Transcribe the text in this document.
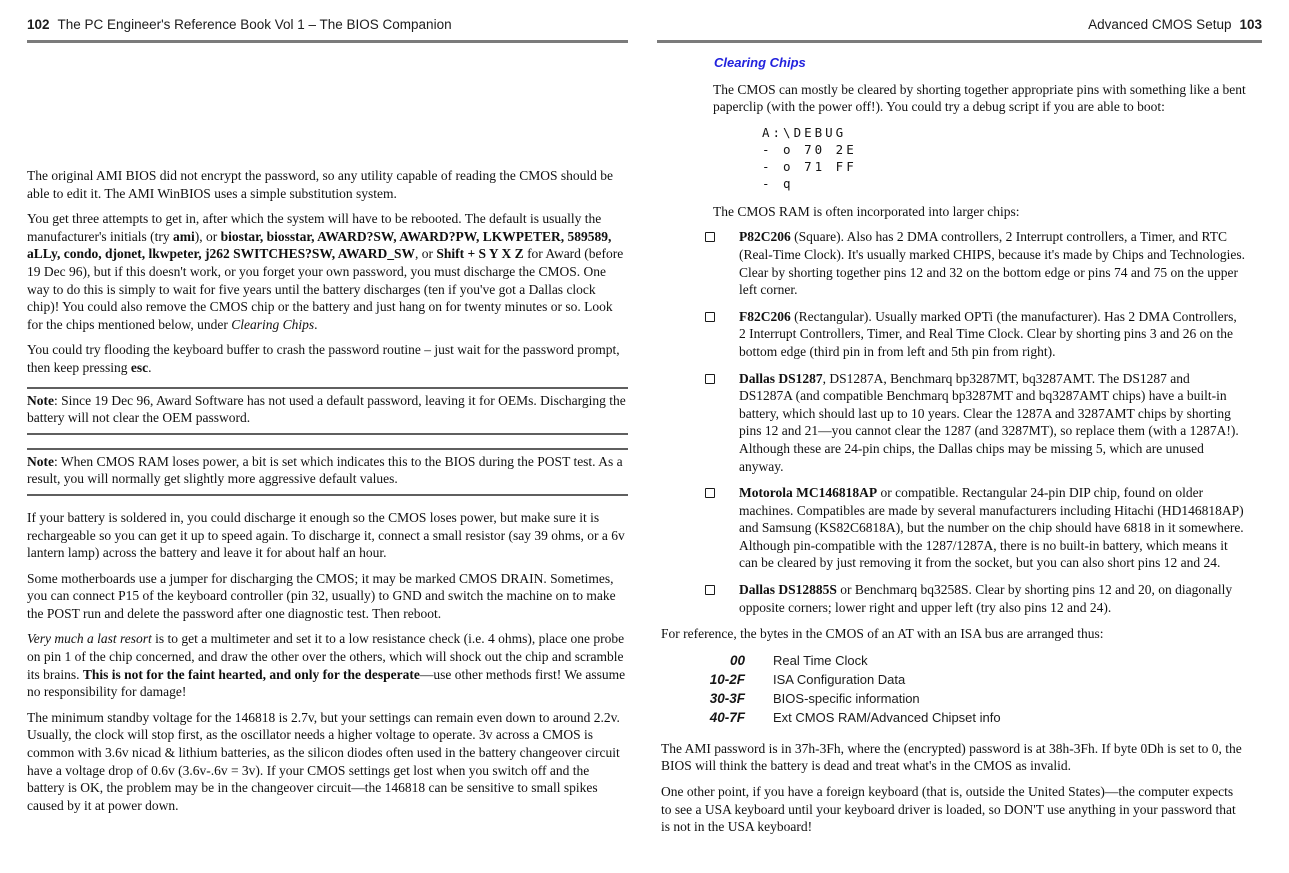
102 The PC Engineer's Reference Book Vol 1 – The BIOS Companion

The original AMI BIOS did not encrypt the password, so any utility capable of reading the CMOS should be able to edit it. The AMI WinBIOS uses a simple substitution system.

You get three attempts to get in, after which the system will have to be rebooted. The default is usually the manufacturer's initials (try ami), or biostar, biosstar, AWARD?SW, AWARD?PW, LKWPETER, 589589, aLLy, condo, djonet, lkwpeter, j262 SWITCHES?SW, AWARD_SW, or Shift + S Y X Z for Award (before 19 Dec 96), but if this doesn't work, or you forget your own password, you must discharge the CMOS. One way to do this is simply to wait for five years until the battery discharges (ten if you've got a Dallas clock chip)! You could also remove the CMOS chip or the battery and just hang on for twenty minutes or so. Look for the chips mentioned below, under Clearing Chips.

You could try flooding the keyboard buffer to crash the password routine – just wait for the password prompt, then keep pressing esc.

Note: Since 19 Dec 96, Award Software has not used a default password, leaving it for OEMs. Discharging the battery will not clear the OEM password.
Note: When CMOS RAM loses power, a bit is set which indicates this to the BIOS during the POST test. As a result, you will normally get slightly more aggressive default values.

If your battery is soldered in, you could discharge it enough so the CMOS loses power, but make sure it is rechargeable so you can get it up to speed again. To discharge it, connect a small resistor (say 39 ohms, or a 6v lantern lamp) across the battery and leave it for about half an hour.

Some motherboards use a jumper for discharging the CMOS; it may be marked CMOS DRAIN. Sometimes, you can connect P15 of the keyboard controller (pin 32, usually) to GND and switch the machine on to make the POST run and delete the password after one diagnostic test. Then reboot.

Very much a last resort is to get a multimeter and set it to a low resistance check (i.e. 4 ohms), place one probe on pin 1 of the chip concerned, and draw the other over the others, which will shock out the chip and scramble its brains. This is not for the faint hearted, and only for the desperate—use other methods first! We assume no responsibility for damage!

The minimum standby voltage for the 146818 is 2.7v, but your settings can remain even down to around 2.2v. Usually, the clock will stop first, as the oscillator needs a higher voltage to operate. 3v across a CMOS is common with 3.6v nicad & lithium batteries, as the silicon diodes often used in the battery changeover circuit have a voltage drop of 0.6v (3.6v-.6v = 3v). If your CMOS settings get lost when you switch off and the battery is OK, the problem may be in the changeover circuit—the 146818 can be sensitive to small spikes caused by it at power down.

Advanced CMOS Setup 103
Clearing Chips

The CMOS can mostly be cleared by shorting together appropriate pins with something like a bent paperclip (with the power off!). You could try a debug script if you are able to boot:

A:\DEBUG
- o 70 2E
- o 71 FF
- q

The CMOS RAM is often incorporated into larger chips:

P82C206 (Square). Also has 2 DMA controllers, 2 Interrupt controllers, a Timer, and RTC (Real-Time Clock). It's usually marked CHIPS, because it's made by Chips and Technologies. Clear by shorting together pins 12 and 32 on the bottom edge or pins 74 and 75 on the upper left corner.
F82C206 (Rectangular). Usually marked OPTi (the manufacturer). Has 2 DMA Controllers, 2 Interrupt Controllers, Timer, and Real Time Clock. Clear by shorting pins 3 and 26 on the bottom edge (third pin in from left and 5th pin from right).
Dallas DS1287, DS1287A, Benchmarq bp3287MT, bq3287AMT. The DS1287 and DS1287A (and compatible Benchmarq bp3287MT and bq3287AMT chips) have a built-in battery, which should last up to 10 years. Clear the 1287A and 3287AMT chips by shorting pins 12 and 21—you cannot clear the 1287 (and 3287MT), so replace them (with a 1287A!). Although these are 24-pin chips, the Dallas chips may be missing 5, which are unused anyway.
Motorola MC146818AP or compatible. Rectangular 24-pin DIP chip, found on older machines. Compatibles are made by several manufacturers including Hitachi (HD146818AP) and Samsung (KS82C6818A), but the number on the chip should have 6818 in it somewhere. Although pin-compatible with the 1287/1287A, there is no built-in battery, which means it can be cleared by just removing it from the socket, but you can also short pins 12 and 24.
Dallas DS12885S or Benchmarq bq3258S. Clear by shorting pins 12 and 20, on diagonally opposite corners; lower right and upper left (try also pins 12 and 24).

For reference, the bytes in the CMOS of an AT with an ISA bus are arranged thus:

00 Real Time Clock
10-2F ISA Configuration Data
30-3F BIOS-specific information
40-7F Ext CMOS RAM/Advanced Chipset info

The AMI password is in 37h-3Fh, where the (encrypted) password is at 38h-3Fh. If byte 0Dh is set to 0, the BIOS will think the battery is dead and treat what's in the CMOS as invalid.

One other point, if you have a foreign keyboard (that is, outside the United States)—the computer expects to see a USA keyboard until your keyboard driver is loaded, so DON'T use anything in your password that is not in the USA keyboard!
